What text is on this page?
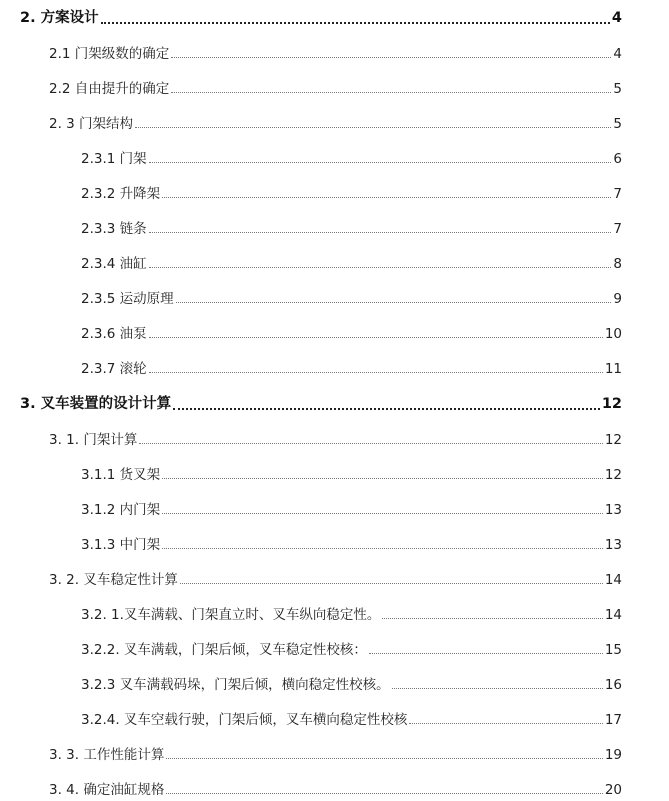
2. 方案设计	4
2.1 门架级数的确定	4
2.2 自由提升的确定	5
2. 3 门架结构	5
2.3.1 门架	6
2.3.2 升降架	7
2.3.3 链条	7
2.3.4 油缸	8
2.3.5 运动原理	9
2.3.6 油泵	10
2.3.7 滚轮	11
3. 叉车装置的设计计算	12
3. 1. 门架计算	12
3.1.1 货叉架	12
3.1.2 内门架	13
3.1.3 中门架	13
3. 2. 叉车稳定性计算	14
3.2. 1.叉车满载、门架直立时、叉车纵向稳定性。	14
3.2.2. 叉车满载，门架后倾，叉车稳定性校核：	15
3.2.3 叉车满载码垛，门架后倾，横向稳定性校核。	16
3.2.4. 叉车空载行驶，门架后倾，叉车横向稳定性校核	17
3. 3. 工作性能计算	19
3. 4. 确定油缸规格	20
